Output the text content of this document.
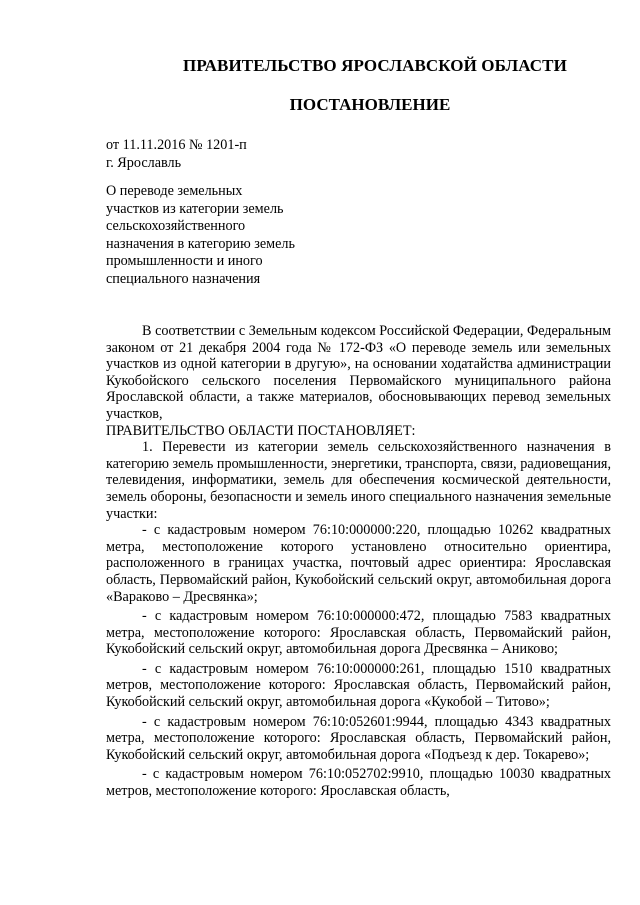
ПРАВИТЕЛЬСТВО ЯРОСЛАВСКОЙ ОБЛАСТИ
ПОСТАНОВЛЕНИЕ
от 11.11.2016 № 1201-п
г. Ярославль
О переводе земельных
участков из категории земель
сельскохозяйственного
назначения в категорию земель
промышленности и иного
специального назначения

В соответствии с Земельным кодексом Российской Федерации, Федеральным законом от 21 декабря 2004 года № 172-ФЗ «О переводе земель или земельных участков из одной категории в другую», на основании ходатайства администрации Кукобойского сельского поселения Первомайского муниципального района Ярославской области, а также материалов, обосновывающих перевод земельных участков,

ПРАВИТЕЛЬСТВО ОБЛАСТИ ПОСТАНОВЛЯЕТ:

1. Перевести из категории земель сельскохозяйственного назначения в категорию земель промышленности, энергетики, транспорта, связи, радиовещания, телевидения, информатики, земель для обеспечения космической деятельности, земель обороны, безопасности и земель иного специального назначения земельные участки:

- с кадастровым номером 76:10:000000:220, площадью 10262 квадратных метра, местоположение которого установлено относительно ориентира, расположенного в границах участка, почтовый адрес ориентира: Ярославская область, Первомайский район, Кукобойский сельский округ, автомобильная дорога «Вараково – Дресвянка»;

- с кадастровым номером 76:10:000000:472, площадью 7583 квадратных метра, местоположение которого: Ярославская область, Первомайский район, Кукобойский сельский округ, автомобильная дорога Дресвянка – Аниково;

- с кадастровым номером 76:10:000000:261, площадью 1510 квадратных метров, местоположение которого: Ярославская область, Первомайский район, Кукобойский сельский округ, автомобильная дорога «Кукобой – Титово»;

- с кадастровым номером 76:10:052601:9944, площадью 4343 квадратных метра, местоположение которого: Ярославская область, Первомайский район, Кукобойский сельский округ, автомобильная дорога «Подъезд к дер. Токарево»;

- с кадастровым номером 76:10:052702:9910, площадью 10030 квадратных метров, местоположение которого: Ярославская область,
